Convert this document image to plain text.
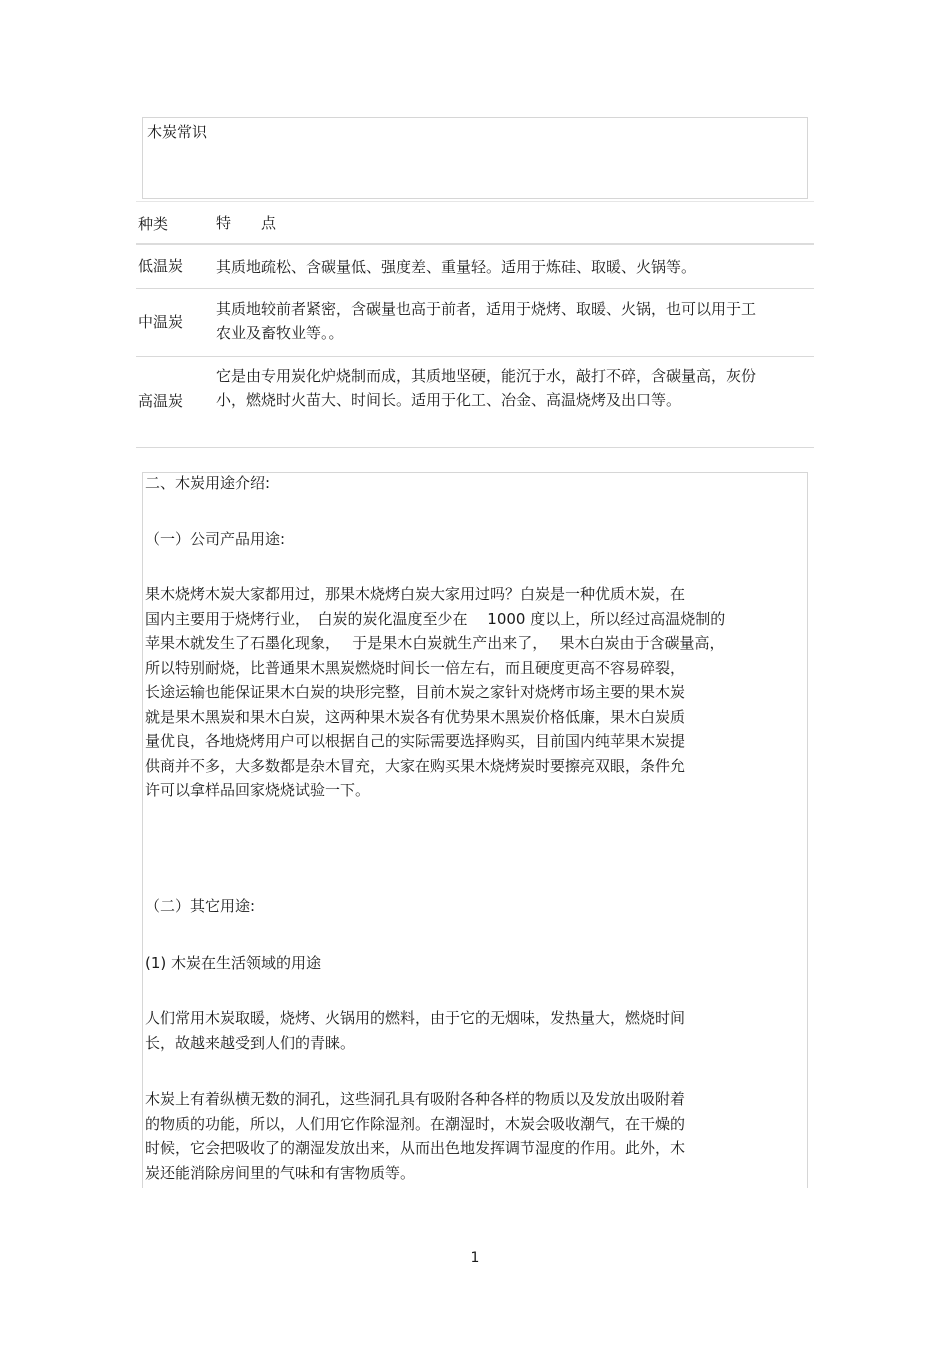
木炭常识
种类	特　　点
低温炭 其质地疏松、含碳量低、强度差、重量轻。适用于炼硅、取暖、火锅等。
中温炭
其质地较前者紧密，含碳量也高于前者，适用于烧烤、取暖、火锅，也可以用于工农业及畜牧业等。。
高温炭
它是由专用炭化炉烧制而成，其质地坚硬，能沉于水，敲打不碎，含碳量高，灰份小，燃烧时火苗大、时间长。适用于化工、冶金、高温烧烤及出口等。
二、木炭用途介绍:
（一）公司产品用途:
果木烧烤木炭大家都用过，那果木烧烤白炭大家用过吗？白炭是一种优质木炭，在
国内主要用于烧烤行业，　白炭的炭化温度至少在　 1000 度以上，所以经过高温烧制的
苹果木就发生了石墨化现象，　 于是果木白炭就生产出来了，　 果木白炭由于含碳量高，
所以特别耐烧，比普通果木黑炭燃烧时间长一倍左右，而且硬度更高不容易碎裂，
长途运输也能保证果木白炭的块形完整，目前木炭之家针对烧烤市场主要的果木炭
就是果木黑炭和果木白炭，这两种果木炭各有优势果木黑炭价格低廉，果木白炭质
量优良，各地烧烤用户可以根据自己的实际需要选择购买，目前国内纯苹果木炭提
供商并不多，大多数都是杂木冒充，大家在购买果木烧烤炭时要擦亮双眼，条件允
许可以拿样品回家烧烧试验一下。
（二）其它用途:
(1) 木炭在生活领域的用途
人们常用木炭取暖，烧烤、火锅用的燃料，由于它的无烟味，发热量大，燃烧时间
长，故越来越受到人们的青睐。
木炭上有着纵横无数的洞孔，这些洞孔具有吸附各种各样的物质以及发放出吸附着
的物质的功能，所以，人们用它作除湿剂。在潮湿时，木炭会吸收潮气，在干燥的
时候，它会把吸收了的潮湿发放出来，从而出色地发挥调节湿度的作用。此外，木
炭还能消除房间里的气味和有害物质等。
1
